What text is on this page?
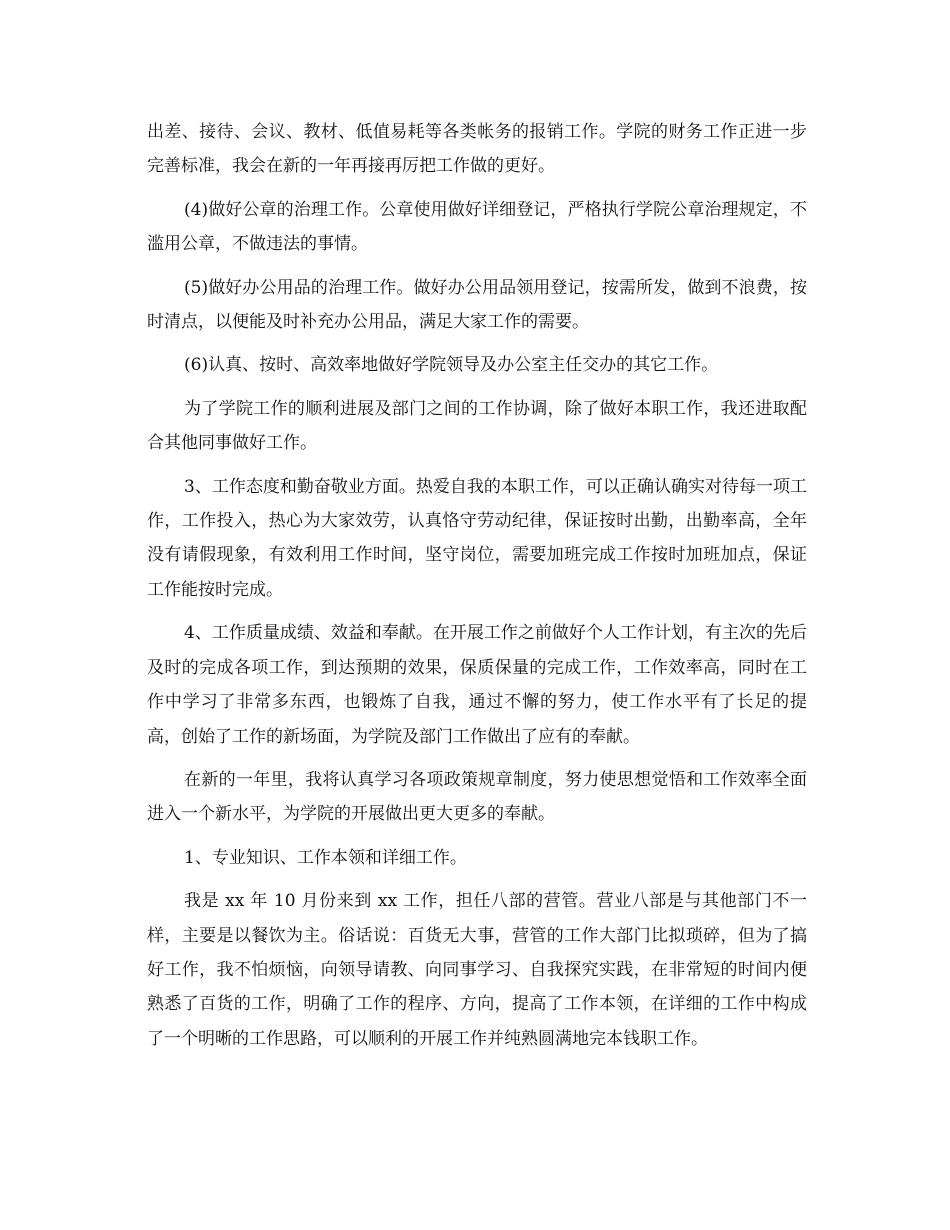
出差、接待、会议、教材、低值易耗等各类帐务的报销工作。学院的财务工作正进一步完善标准，我会在新的一年再接再厉把工作做的更好。

(4)做好公章的治理工作。公章使用做好详细登记，严格执行学院公章治理规定，不滥用公章，不做违法的事情。

(5)做好办公用品的治理工作。做好办公用品领用登记，按需所发，做到不浪费，按时清点，以便能及时补充办公用品，满足大家工作的需要。

(6)认真、按时、高效率地做好学院领导及办公室主任交办的其它工作。

为了学院工作的顺利进展及部门之间的工作协调，除了做好本职工作，我还进取配合其他同事做好工作。

3、工作态度和勤奋敬业方面。热爱自我的本职工作，可以正确认确实对待每一项工作，工作投入，热心为大家效劳，认真恪守劳动纪律，保证按时出勤，出勤率高，全年没有请假现象，有效利用工作时间，坚守岗位，需要加班完成工作按时加班加点，保证工作能按时完成。

4、工作质量成绩、效益和奉献。在开展工作之前做好个人工作计划，有主次的先后及时的完成各项工作，到达预期的效果，保质保量的完成工作，工作效率高，同时在工作中学习了非常多东西，也锻炼了自我，通过不懈的努力，使工作水平有了长足的提高，创始了工作的新场面，为学院及部门工作做出了应有的奉献。

在新的一年里，我将认真学习各项政策规章制度，努力使思想觉悟和工作效率全面进入一个新水平，为学院的开展做出更大更多的奉献。

1、专业知识、工作本领和详细工作。

我是 xx 年 10 月份来到 xx 工作，担任八部的营管。营业八部是与其他部门不一样，主要是以餐饮为主。俗话说：百货无大事，营管的工作大部门比拟琐碎，但为了搞好工作，我不怕烦恼，向领导请教、向同事学习、自我探究实践，在非常短的时间内便熟悉了百货的工作，明确了工作的程序、方向，提高了工作本领，在详细的工作中构成了一个明晰的工作思路，可以顺利的开展工作并纯熟圆满地完本钱职工作。
